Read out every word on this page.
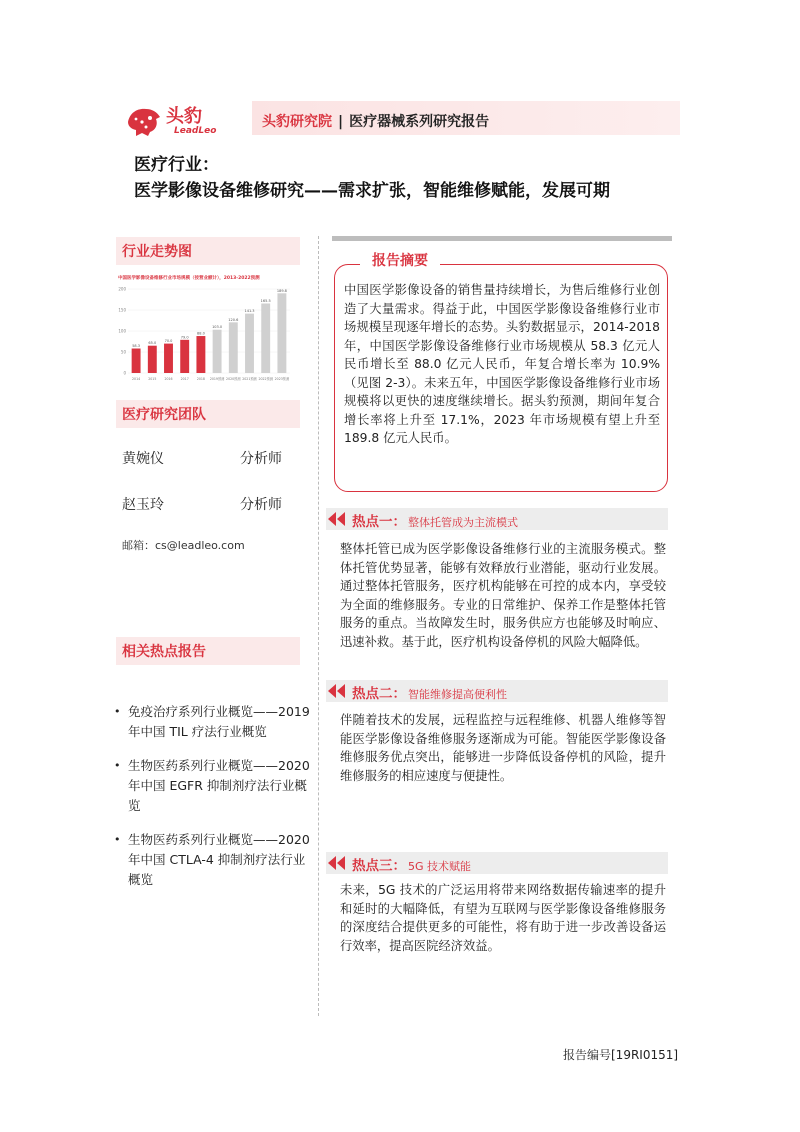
头豹
LeadLeo
头豹研究院 | 医疗器械系列研究报告
医疗行业：
医学影像设备维修研究——需求扩张，智能维修赋能，发展可期
行业走势图
中国医学影像设备维修行业市场规模（按营业额计），2013-2022预测
0
50
100
150
200
58.3
2014
65.0
2015
70.0
2016
79.0
2017
88.0
2018
103.0
2019预测
120.6
2020预测
141.3
2021预测
165.5
2022预测
189.8
2023预测
医疗研究团队
黄婉仪	分析师
赵玉玲	分析师
邮箱：cs@leadleo.com
相关热点报告
• 免疫治疗系列行业概览——2019 年中国 TIL 疗法行业概览
• 生物医药系列行业概览——2020 年中国 EGFR 抑制剂疗法行业概览
• 生物医药系列行业概览——2020 年中国 CTLA-4 抑制剂疗法行业概览
报告摘要
中国医学影像设备的销售量持续增长，为售后维修行业创造了大量需求。得益于此，中国医学影像设备维修行业市场规模呈现逐年增长的态势。头豹数据显示，2014-2018 年，中国医学影像设备维修行业市场规模从 58.3 亿元人民币增长至 88.0 亿元人民币，年复合增长率为 10.9%（见图 2-3）。未来五年，中国医学影像设备维修行业市场规模将以更快的速度继续增长。据头豹预测，期间年复合增长率将上升至 17.1%，2023 年市场规模有望上升至 189.8 亿元人民币。
热点一： 整体托管成为主流模式
整体托管已成为医学影像设备维修行业的主流服务模式。整体托管优势显著，能够有效释放行业潜能，驱动行业发展。通过整体托管服务，医疗机构能够在可控的成本内，享受较为全面的维修服务。专业的日常维护、保养工作是整体托管服务的重点。当故障发生时，服务供应方也能够及时响应、迅速补救。基于此，医疗机构设备停机的风险大幅降低。
热点二： 智能维修提高便利性
伴随着技术的发展，远程监控与远程维修、机器人维修等智能医学影像设备维修服务逐渐成为可能。智能医学影像设备维修服务优点突出，能够进一步降低设备停机的风险，提升维修服务的相应速度与便捷性。
热点三： 5G 技术赋能
未来，5G 技术的广泛运用将带来网络数据传输速率的提升和延时的大幅降低，有望为互联网与医学影像设备维修服务的深度结合提供更多的可能性，将有助于进一步改善设备运行效率，提高医院经济效益。
报告编号[19RI0151]
